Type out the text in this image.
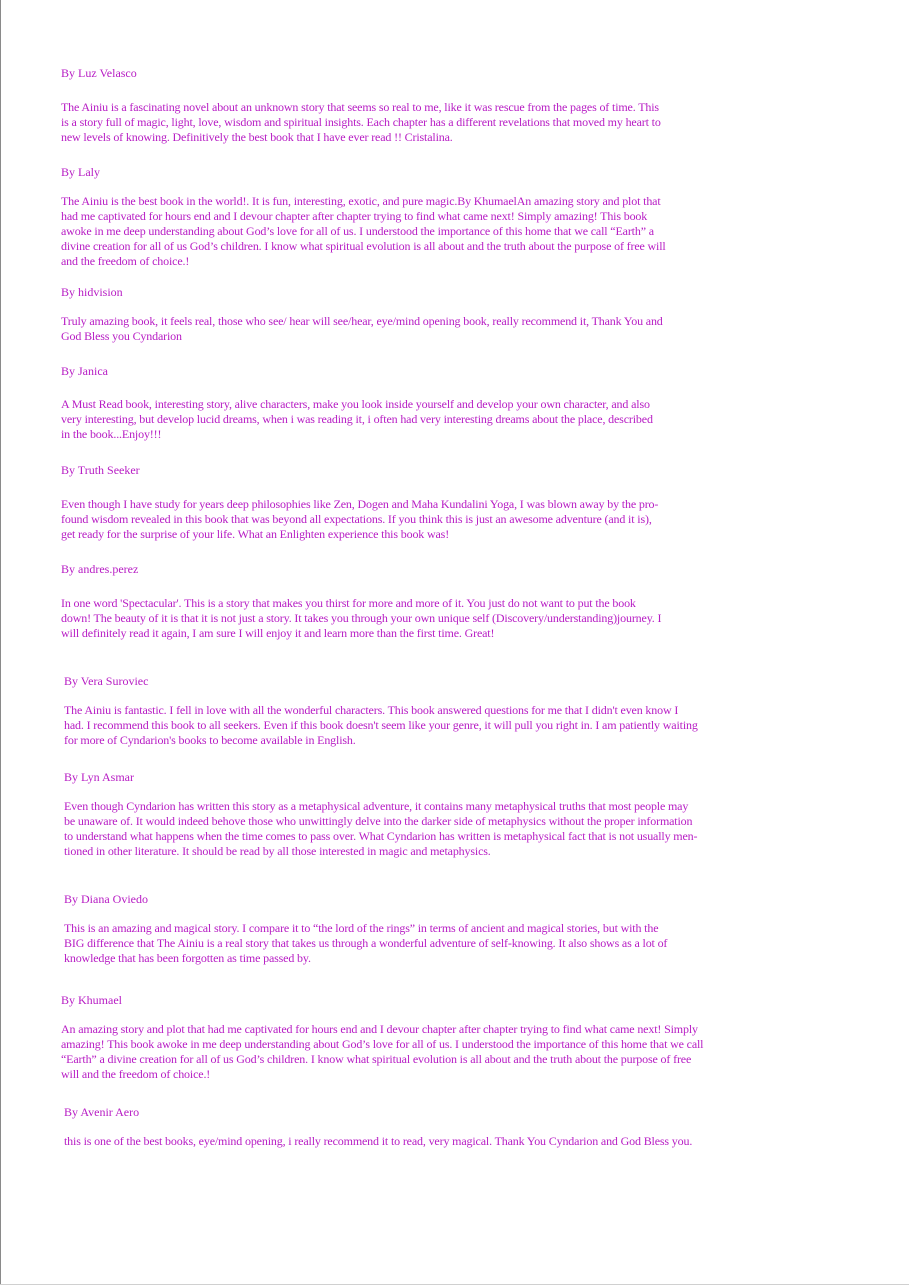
By Luz Velasco

The Ainiu is a fascinating novel about an unknown story that seems so real to me, like it was rescue from the pages of time. This
is a story full of magic, light, love, wisdom and spiritual insights. Each chapter has a different revelations that moved my heart to
new levels of knowing. Definitively the best book that I have ever read !! Cristalina.

By Laly

The Ainiu is the best book in the world!. It is fun, interesting, exotic, and pure magic.By KhumaelAn amazing story and plot that
had me captivated for hours end and I devour chapter after chapter trying to find what came next! Simply amazing! This book
awoke in me deep understanding about God’s love for all of us. I understood the importance of this home that we call “Earth” a
divine creation for all of us God’s children. I know what spiritual evolution is all about and the truth about the purpose of free will
and the freedom of choice.!

By hidvision

Truly amazing book, it feels real, those who see/ hear will see/hear, eye/mind opening book, really recommend it, Thank You and
God Bless you Cyndarion

By Janica

A Must Read book, interesting story, alive characters, make you look inside yourself and develop your own character, and also
very interesting, but develop lucid dreams, when i was reading it, i often had very interesting dreams about the place, described
in the book...Enjoy!!!

By Truth Seeker

Even though I have study for years deep philosophies like Zen, Dogen and Maha Kundalini Yoga, I was blown away by the pro-
found wisdom revealed in this book that was beyond all expectations. If you think this is just an awesome adventure (and it is),
get ready for the surprise of your life. What an Enlighten experience this book was!

By andres.perez

In one word 'Spectacular'. This is a story that makes you thirst for more and more of it. You just do not want to put the book
down! The beauty of it is that it is not just a story. It takes you through your own unique self (Discovery/understanding)journey. I
will definitely read it again, I am sure I will enjoy it and learn more than the first time. Great!

By Vera Suroviec

The Ainiu is fantastic. I fell in love with all the wonderful characters. This book answered questions for me that I didn't even know I
had. I recommend this book to all seekers. Even if this book doesn't seem like your genre, it will pull you right in. I am patiently waiting
for more of Cyndarion's books to become available in English.

By Lyn Asmar

Even though Cyndarion has written this story as a metaphysical adventure, it contains many metaphysical truths that most people may
be unaware of. It would indeed behove those who unwittingly delve into the darker side of metaphysics without the proper information
to understand what happens when the time comes to pass over. What Cyndarion has written is metaphysical fact that is not usually men-
tioned in other literature. It should be read by all those interested in magic and metaphysics.

By Diana Oviedo

This is an amazing and magical story. I compare it to “the lord of the rings” in terms of ancient and magical stories, but with the
BIG difference that The Ainiu is a real story that takes us through a wonderful adventure of self-knowing. It also shows as a lot of
knowledge that has been forgotten as time passed by.

By Khumael

An amazing story and plot that had me captivated for hours end and I devour chapter after chapter trying to find what came next! Simply
amazing! This book awoke in me deep understanding about God’s love for all of us. I understood the importance of this home that we call
“Earth” a divine creation for all of us God’s children. I know what spiritual evolution is all about and the truth about the purpose of free
will and the freedom of choice.!

By Avenir Aero

this is one of the best books, eye/mind opening, i really recommend it to read, very magical. Thank You Cyndarion and God Bless you.
